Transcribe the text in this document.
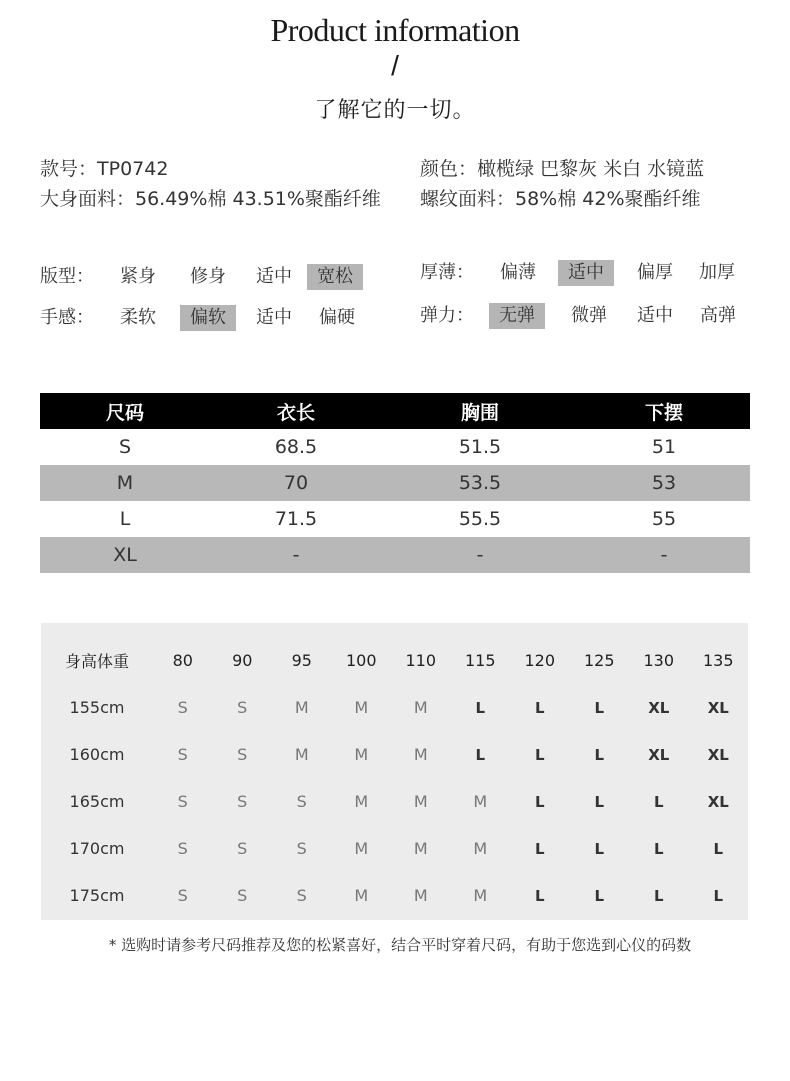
Product information
/
了解它的一切。
款号：TP0742	颜色：橄榄绿 巴黎灰 米白 水镜蓝
大身面料：56.49%棉 43.51%聚酯纤维 螺纹面料：58%棉 42%聚酯纤维
版型：	紧身	修身	适中	宽松	厚薄：	偏薄	适中	偏厚	加厚
手感：	柔软	偏软	适中	偏硬	弹力：	无弹	微弹	适中	高弹
尺码	衣长	胸围	下摆
S	68.5	51.5	51
M	70	53.5	53
L	71.5	55.5	55
XL	-	-	-
身高体重	80	90	95	100	110	115	120	125	130	135
155cm	S	S	M	M	M	L	L	L	XL	XL
160cm	S	S	M	M	M	L	L	L	XL	XL
165cm	S	S	S	M	M	M	L	L	L	XL
170cm	S	S	S	M	M	M	L	L	L	L
175cm	S	S	S	M	M	M	L	L	L	L
* 选购时请参考尺码推荐及您的松紧喜好，结合平时穿着尺码，有助于您选到心仪的码数
